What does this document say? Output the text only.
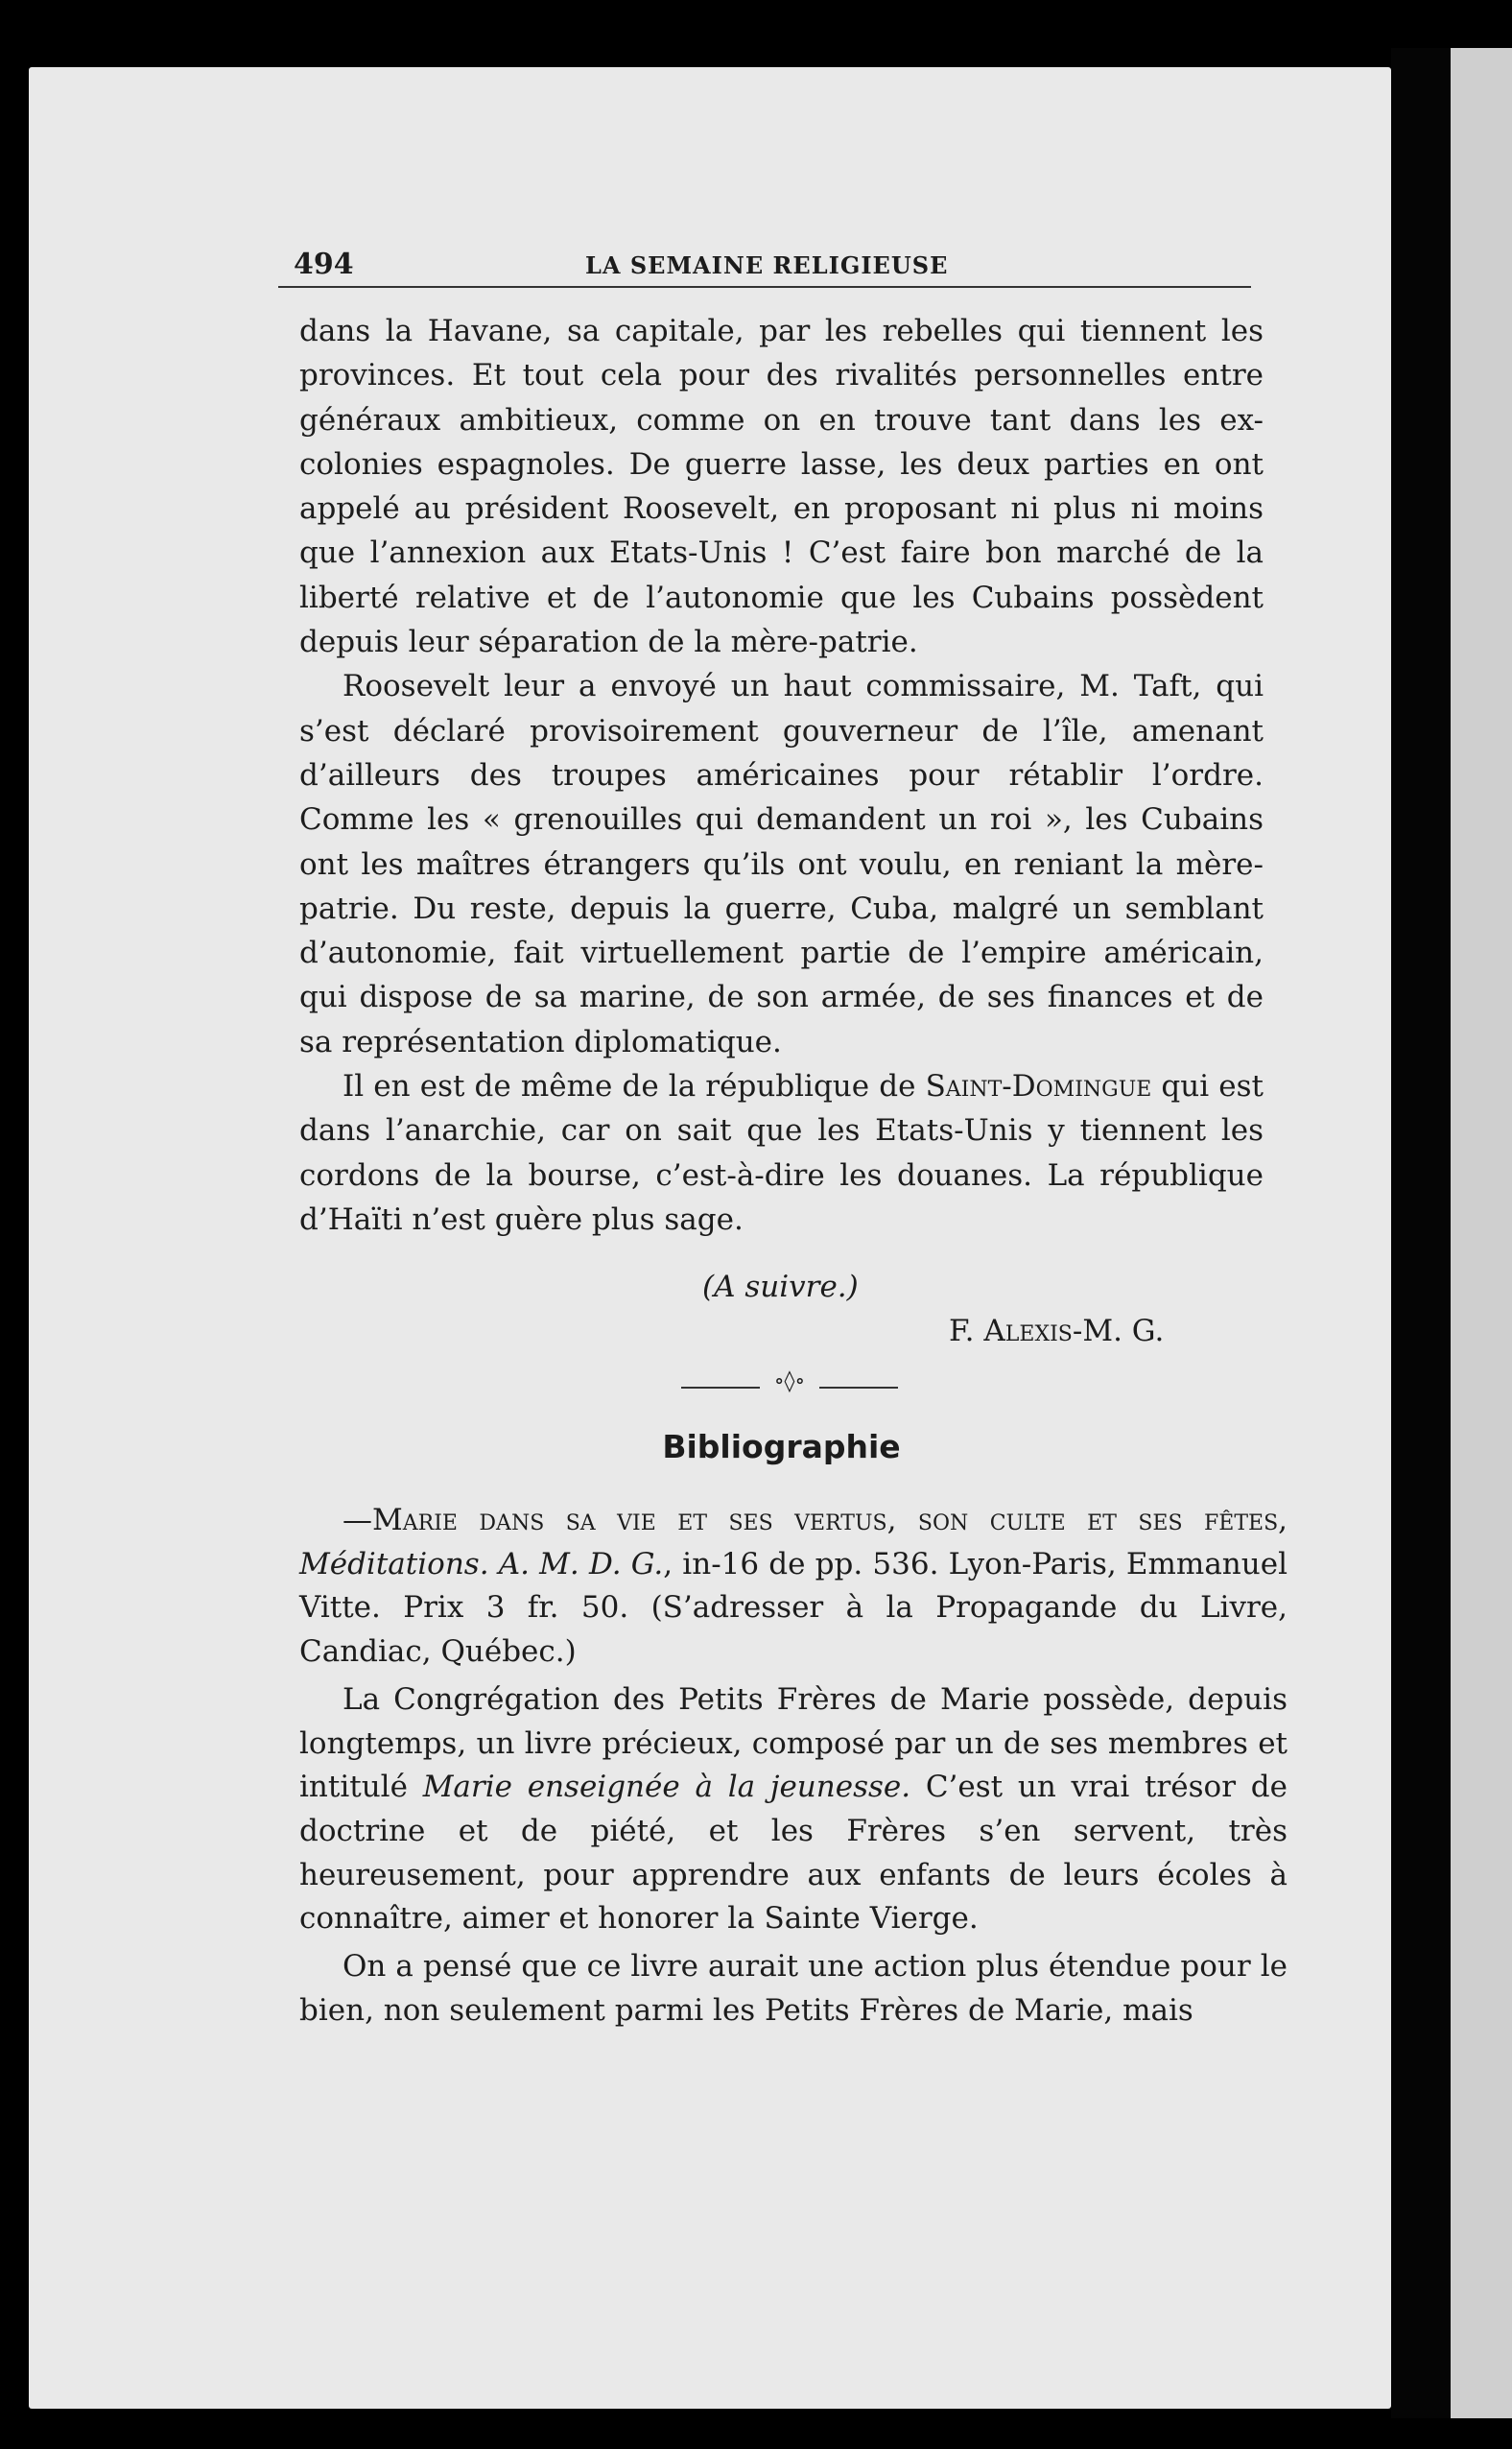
494	LA SEMAINE RELIGIEUSE

dans la Havane, sa capitale, par les rebelles qui tiennent les provinces. Et tout cela pour des rivalités personnelles entre généraux ambitieux, comme on en trouve tant dans les ex-colonies espagnoles. De guerre lasse, les deux parties en ont appelé au président Roosevelt, en proposant ni plus ni moins que l’annexion aux Etats-Unis ! C’est faire bon marché de la liberté relative et de l’autonomie que les Cubains possèdent depuis leur séparation de la mère-patrie.

Roosevelt leur a envoyé un haut commissaire, M. Taft, qui s’est déclaré provisoirement gouverneur de l’île, amenant d’ailleurs des troupes américaines pour rétablir l’ordre. Comme les « grenouilles qui demandent un roi », les Cubains ont les maîtres étrangers qu’ils ont voulu, en reniant la mère-patrie. Du reste, depuis la guerre, Cuba, malgré un semblant d’autonomie, fait virtuellement partie de l’empire américain, qui dispose de sa marine, de son armée, de ses finances et de sa représentation diplomatique.

Il en est de même de la république de Saint-Domingue qui est dans l’anarchie, car on sait que les Etats-Unis y tiennent les cordons de la bourse, c’est-à-dire les douanes. La république d’Haïti n’est guère plus sage.

(A suivre.)
F. Alexis-M. G.
∘◊∘
Bibliographie

—Marie dans sa vie et ses vertus, son culte et ses fêtes, Méditations. A. M. D. G., in-16 de pp. 536. Lyon-Paris, Emmanuel Vitte. Prix 3 fr. 50. (S’adresser à la Propagande du Livre, Candiac, Québec.)

La Congrégation des Petits Frères de Marie possède, depuis longtemps, un livre précieux, composé par un de ses membres et intitulé Marie enseignée à la jeunesse. C’est un vrai trésor de doctrine et de piété, et les Frères s’en servent, très heureusement, pour apprendre aux enfants de leurs écoles à connaître, aimer et honorer la Sainte Vierge.

On a pensé que ce livre aurait une action plus étendue pour le bien, non seulement parmi les Petits Frères de Marie, mais
